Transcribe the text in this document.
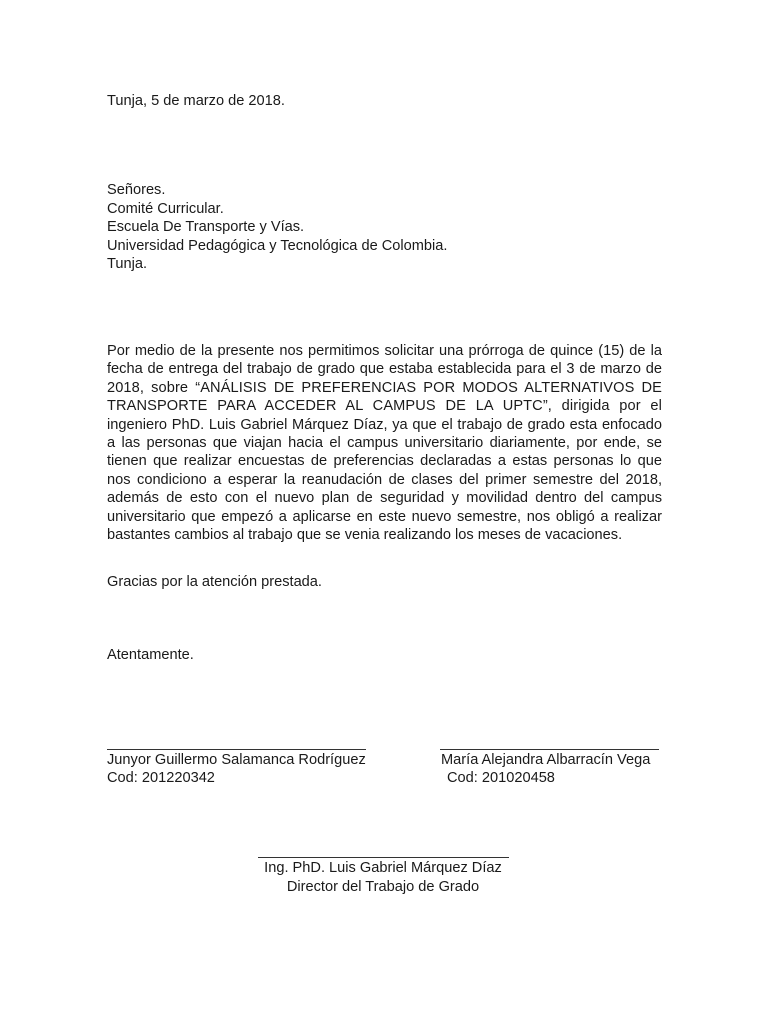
Tunja, 5 de marzo de 2018.
Señores.
Comité Curricular.
Escuela De Transporte y Vías.
Universidad Pedagógica y Tecnológica de Colombia.
Tunja.
Por medio de la presente nos permitimos solicitar una prórroga de quince (15) de la
fecha de entrega del trabajo de grado que estaba establecida para el 3 de marzo de
2018, sobre “ANÁLISIS DE PREFERENCIAS POR MODOS ALTERNATIVOS DE
TRANSPORTE PARA ACCEDER AL CAMPUS DE LA UPTC”, dirigida por el
ingeniero PhD. Luis Gabriel Márquez Díaz, ya que el trabajo de grado esta enfocado
a las personas que viajan hacia el campus universitario diariamente, por ende, se
tienen que realizar encuestas de preferencias declaradas a estas personas lo que
nos condiciono a esperar la reanudación de clases del primer semestre del 2018,
además de esto con el nuevo plan de seguridad y movilidad dentro del campus
universitario que empezó a aplicarse en este nuevo semestre, nos obligó a realizar
bastantes cambios al trabajo que se venia realizando los meses de vacaciones.
Gracias por la atención prestada.
Atentamente.
Junyor Guillermo Salamanca Rodríguez
Cod: 201220342
María Alejandra Albarracín Vega
Cod: 201020458
Ing. PhD. Luis Gabriel Márquez Díaz
Director del Trabajo de Grado
